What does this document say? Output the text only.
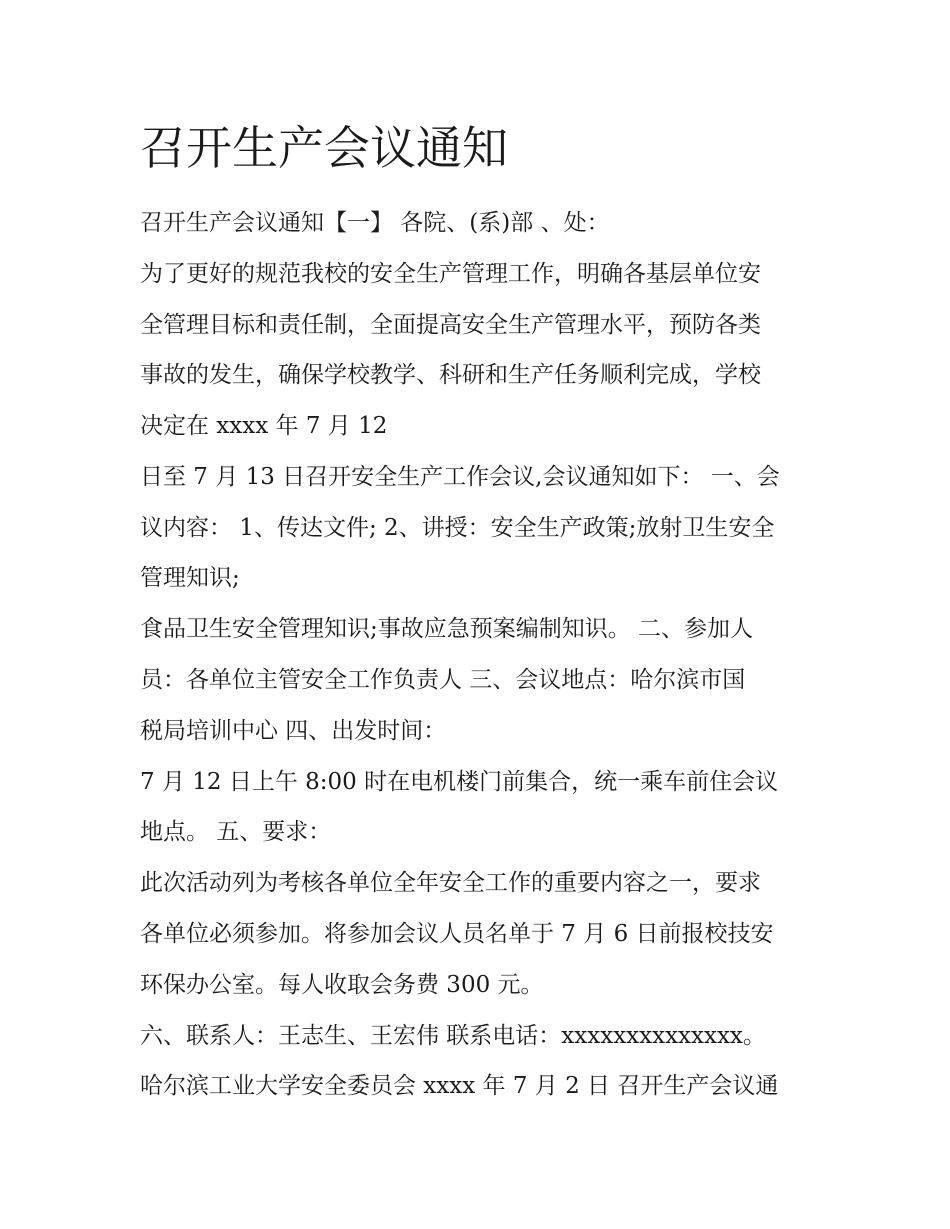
召开生产会议通知

召开生产会议通知【一】 各院、(系)部 、处：

为了更好的规范我校的安全生产管理工作，明确各基层单位安

全管理目标和责任制，全面提高安全生产管理水平，预防各类

事故的发生，确保学校教学、科研和生产任务顺利完成，学校

决定在 xxxx 年 7 月 12

日至 7 月 13 日召开安全生产工作会议,会议通知如下： 一、会

议内容： 1、传达文件; 2、讲授：安全生产政策;放射卫生安全

管理知识;

食品卫生安全管理知识;事故应急预案编制知识。 二、参加人

员：各单位主管安全工作负责人 三、会议地点：哈尔滨市国

税局培训中心 四、出发时间：

7 月 12 日上午 8:00 时在电机楼门前集合，统一乘车前住会议

地点。 五、要求：

此次活动列为考核各单位全年安全工作的重要内容之一，要求

各单位必须参加。将参加会议人员名单于 7 月 6 日前报校技安

环保办公室。每人收取会务费 300 元。

六、联系人：王志生、王宏伟 联系电话：xxxxxxxxxxxxxx。

哈尔滨工业大学安全委员会 xxxx 年 7 月 2 日 召开生产会议通
